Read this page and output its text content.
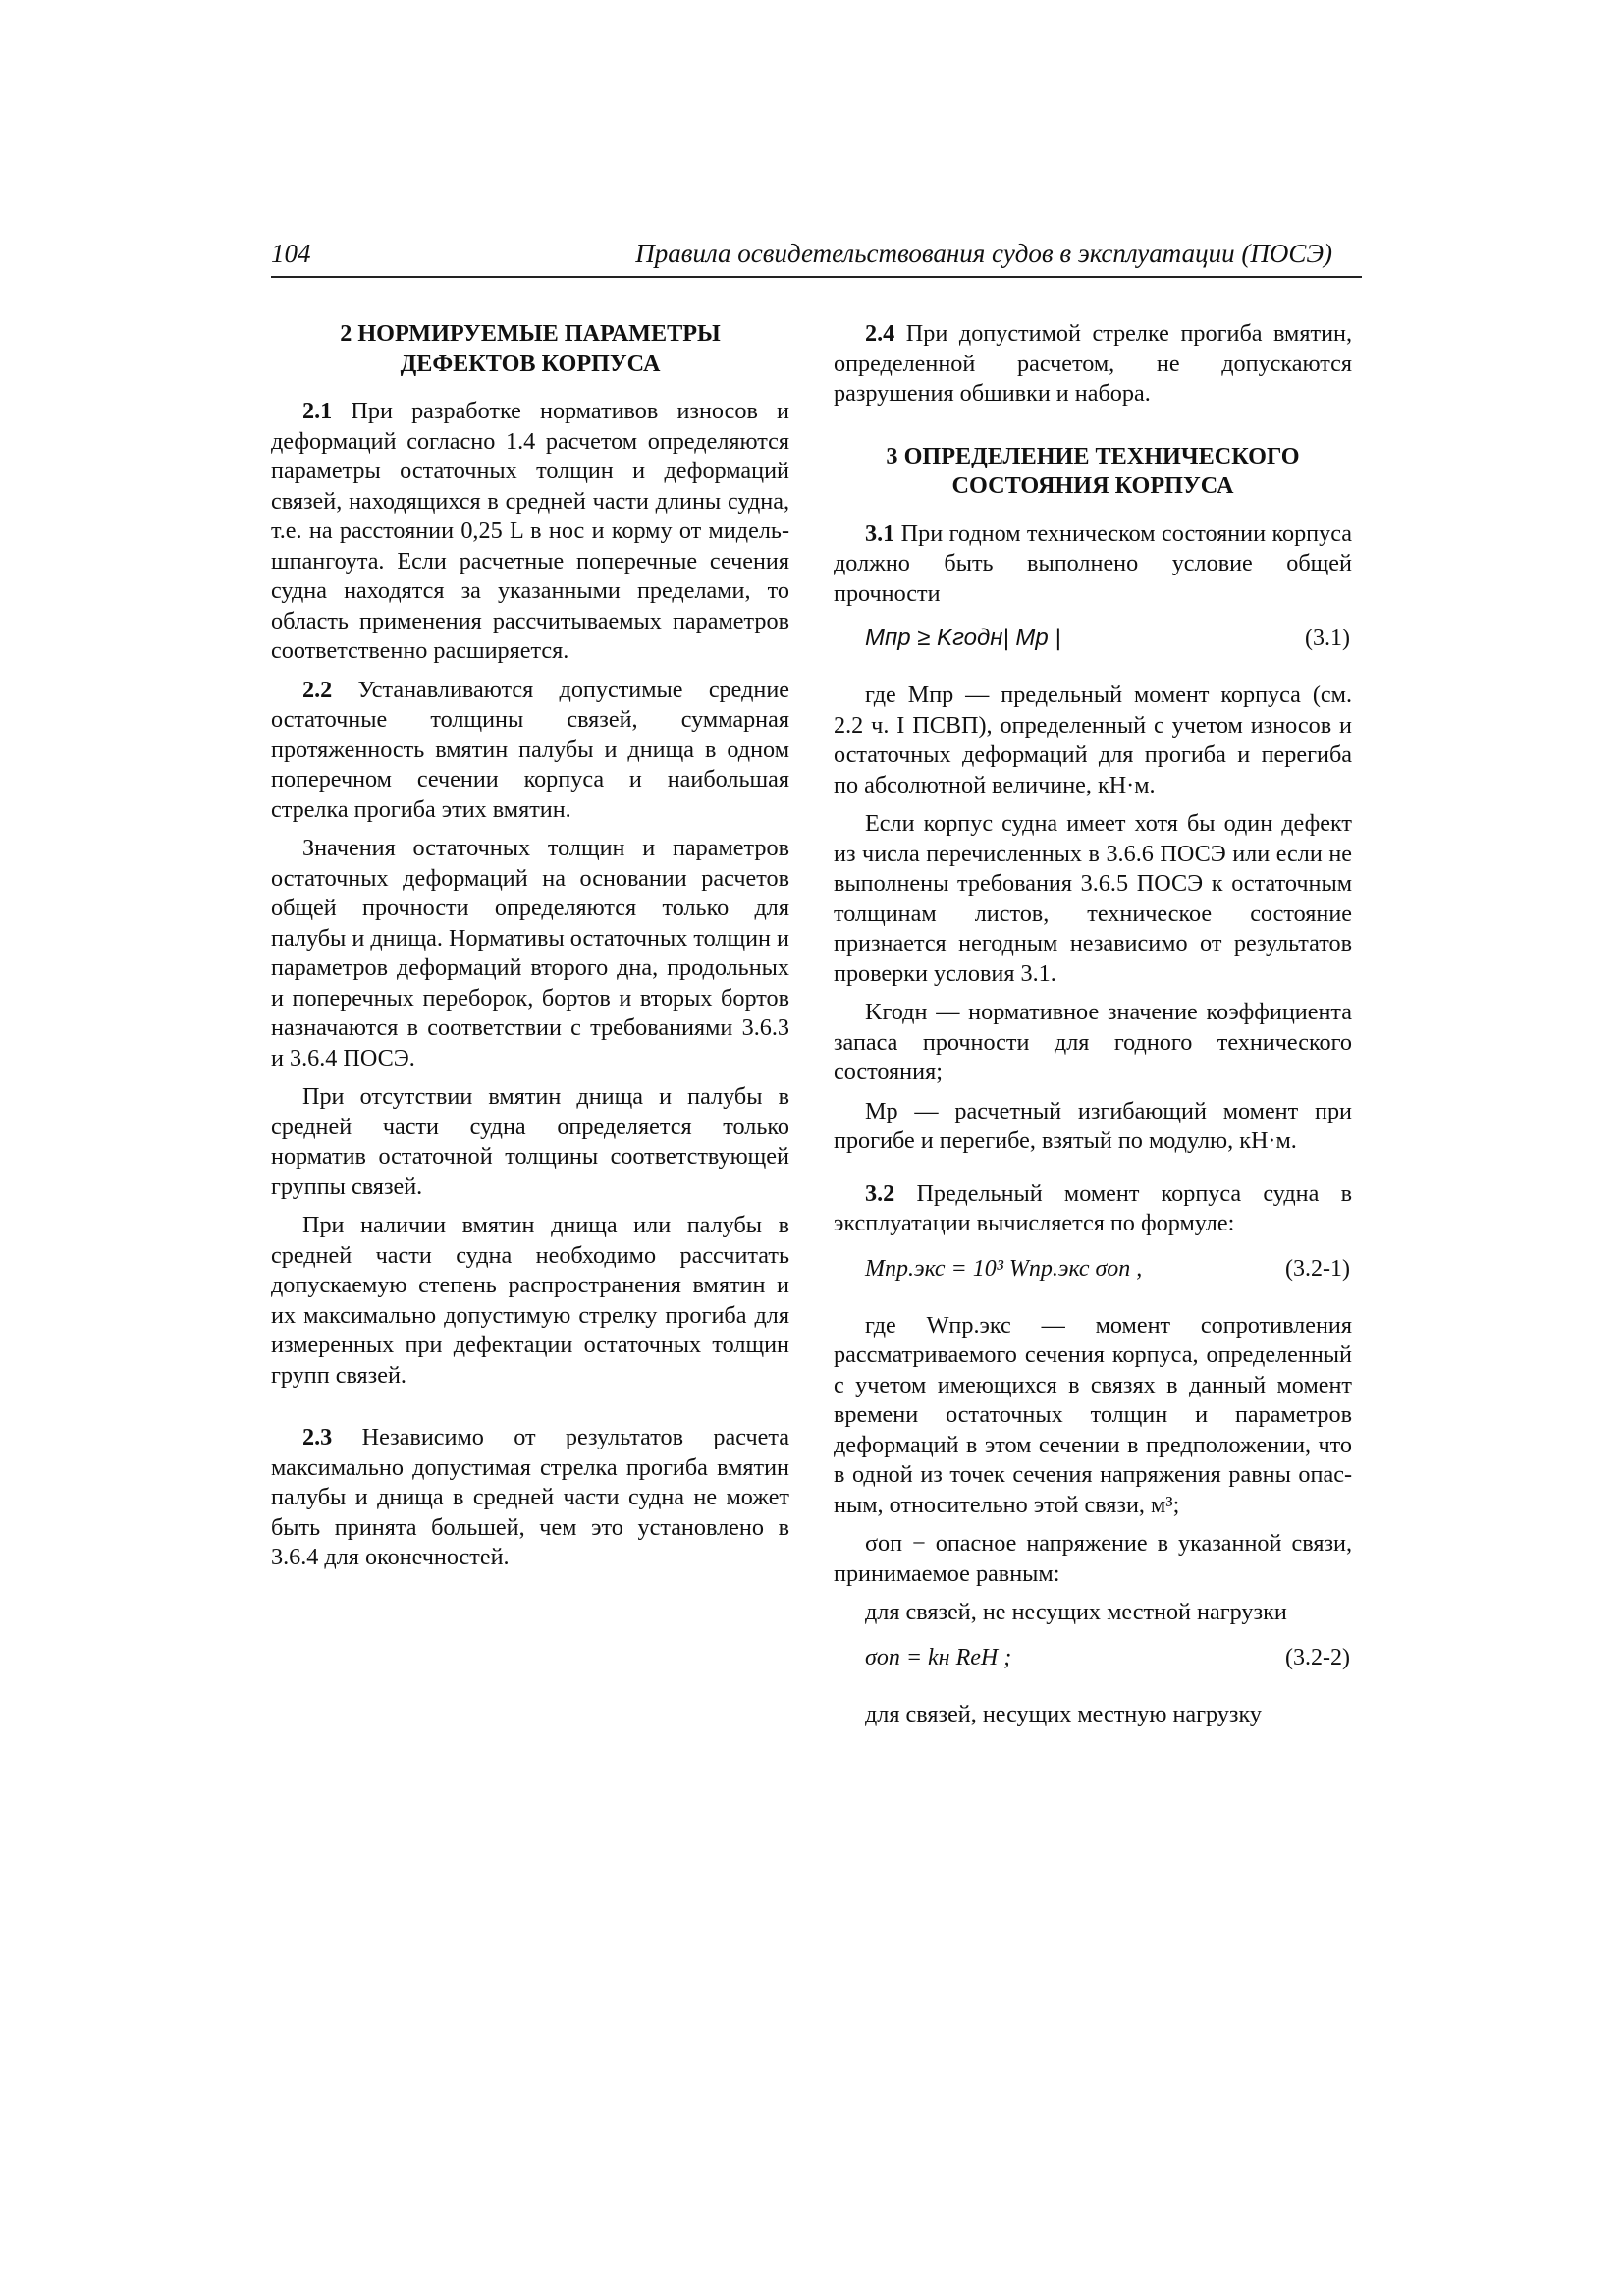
104	Правила освидетельствования судов в эксплуатации (ПОСЭ)
2 НОРМИРУЕМЫЕ ПАРАМЕТРЫ
ДЕФЕКТОВ КОРПУСА

2.1 При разработке нормативов износов и деформаций согласно 1.4 расчетом определяются параметры остаточных толщин и деформаций связей, находящихся в средней части длины судна, т.е. на расстоянии 0,25 L в нос и корму от мидель-шпангоута. Если расчетные поперечные сечения судна находятся за указанными пределами, то область применения рассчитываемых параметров соответственно расширяется.

2.2 Устанавливаются допустимые средние остаточные толщины связей, суммарная протяженность вмятин палубы и днища в одном поперечном сечении корпуса и наибольшая стрелка прогиба этих вмятин.

Значения остаточных толщин и параметров остаточных деформаций на основании расчетов общей прочности определяются только для палубы и днища. Нормативы остаточных толщин и параметров деформаций второго дна, продольных и поперечных переборок, бортов и вторых бортов назначаются в соответствии с требованиями 3.6.3 и 3.6.4 ПОСЭ.

При отсутствии вмятин днища и палубы в средней части судна определяется только норматив остаточной толщины соответствующей группы связей.

При наличии вмятин днища или палубы в средней части судна необходимо рассчитать допускаемую степень распространения вмятин и их максимально допустимую стрелку прогиба для измеренных при дефектации остаточных толщин групп связей.

2.3 Независимо от результатов расчета максимально допустимая стрелка прогиба вмятин палубы и днища в средней части судна не может быть принята большей, чем это установлено в 3.6.4 для оконечностей.

2.4 При допустимой стрелке прогиба вмятин, определенной расчетом, не допускаются разрушения обшивки и набора.

3 ОПРЕДЕЛЕНИЕ ТЕХНИЧЕСКОГО
СОСТОЯНИЯ КОРПУСА

3.1 При годном техническом состоянии корпуса должно быть выполнено условие общей прочности

Mпр ≥ Kгодн| Mр |	(3.1)

где Mпр — предельный момент корпуса (см. 2.2 ч. I ПСВП), определенный с учетом износов и остаточных деформаций для прогиба и перегиба по абсолютной величине, кН·м.

Если корпус судна имеет хотя бы один дефект из числа перечисленных в 3.6.6 ПОСЭ или если не выполнены требования 3.6.5 ПОСЭ к остаточным толщинам листов, техническое состояние признается негодным независимо от результатов проверки условия 3.1.

Kгодн — нормативное значение коэффициента запаса прочности для годного технического состояния;

Mр — расчетный изгибающий момент при прогибе и перегибе, взятый по модулю, кН·м.

3.2 Предельный момент корпуса судна в эксплуатации вычисляется по формуле:

Mпр.экс = 10³ Wпр.экс σоп ,	(3.2-1)

где Wпр.экс — момент сопротивления рассматриваемого сечения корпуса, определенный с учетом имеющихся в связях в данный момент времени остаточных толщин и параметров деформаций в этом сечении в предположении, что в одной из точек сечения напряжения равны опасным, относительно этой связи, м³;

σоп − опасное напряжение в указанной связи, принимаемое равным:

для связей, не несущих местной нагрузки

σоп = kн ReH ;	(3.2-2)

для связей, несущих местную нагрузку
